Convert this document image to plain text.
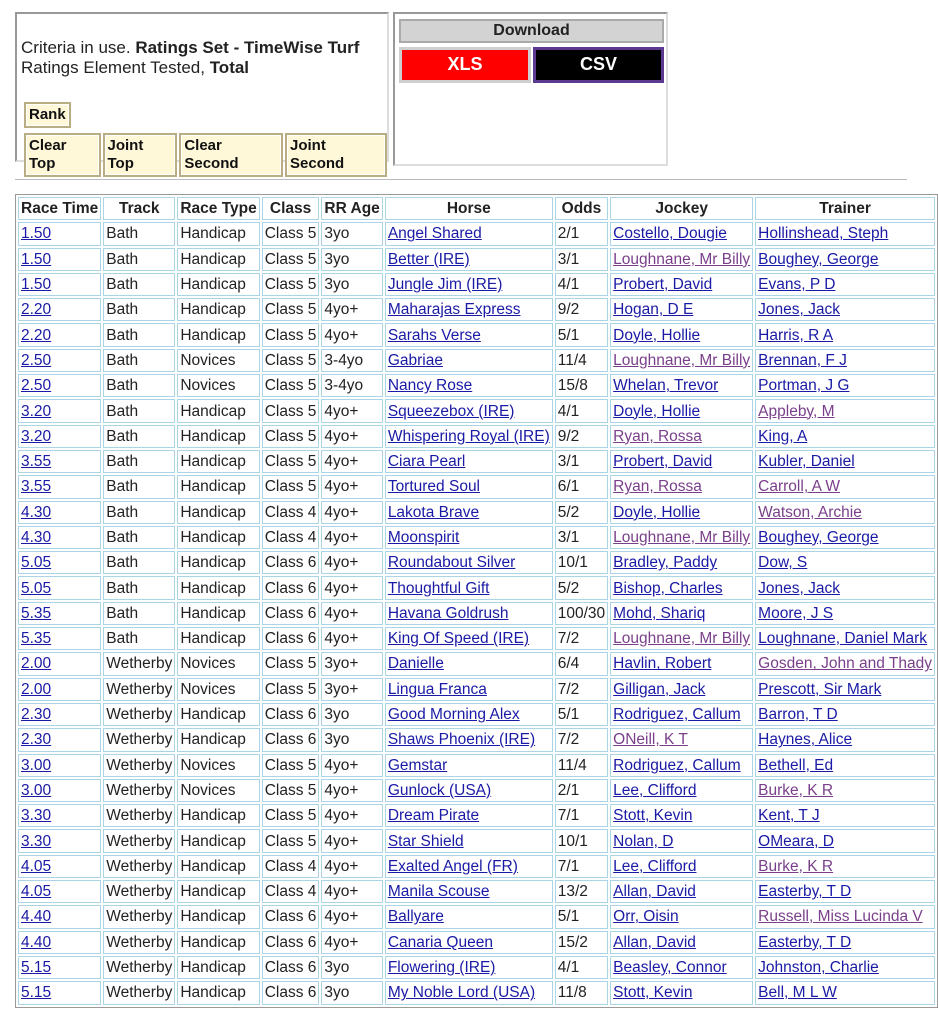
Criteria in use. Ratings Set - TimeWise Turf
Ratings Element Tested, Total
Rank
Clear Top
Joint Top
Clear Second
Joint Second
Download
XLS	CSV
Race Time	Track	Race Type	Class	RR Age	Horse	Odds	Jockey	Trainer
1.50	Bath	Handicap	Class 5	3yo	Angel Shared	2/1	Costello, Dougie	Hollinshead, Steph
1.50	Bath	Handicap	Class 5	3yo	Better (IRE)	3/1	Loughnane, Mr Billy	Boughey, George
1.50	Bath	Handicap	Class 5	3yo	Jungle Jim (IRE)	4/1	Probert, David	Evans, P D
2.20	Bath	Handicap	Class 5	4yo+	Maharajas Express	9/2	Hogan, D E	Jones, Jack
2.20	Bath	Handicap	Class 5	4yo+	Sarahs Verse	5/1	Doyle, Hollie	Harris, R A
2.50	Bath	Novices	Class 5	3-4yo	Gabriae	11/4	Loughnane, Mr Billy	Brennan, F J
2.50	Bath	Novices	Class 5	3-4yo	Nancy Rose	15/8	Whelan, Trevor	Portman, J G
3.20	Bath	Handicap	Class 5	4yo+	Squeezebox (IRE)	4/1	Doyle, Hollie	Appleby, M
3.20	Bath	Handicap	Class 5	4yo+	Whispering Royal (IRE)	9/2	Ryan, Rossa	King, A
3.55	Bath	Handicap	Class 5	4yo+	Ciara Pearl	3/1	Probert, David	Kubler, Daniel
3.55	Bath	Handicap	Class 5	4yo+	Tortured Soul	6/1	Ryan, Rossa	Carroll, A W
4.30	Bath	Handicap	Class 4	4yo+	Lakota Brave	5/2	Doyle, Hollie	Watson, Archie
4.30	Bath	Handicap	Class 4	4yo+	Moonspirit	3/1	Loughnane, Mr Billy	Boughey, George
5.05	Bath	Handicap	Class 6	4yo+	Roundabout Silver	10/1	Bradley, Paddy	Dow, S
5.05	Bath	Handicap	Class 6	4yo+	Thoughtful Gift	5/2	Bishop, Charles	Jones, Jack
5.35	Bath	Handicap	Class 6	4yo+	Havana Goldrush	100/30	Mohd, Shariq	Moore, J S
5.35	Bath	Handicap	Class 6	4yo+	King Of Speed (IRE)	7/2	Loughnane, Mr Billy	Loughnane, Daniel Mark
2.00	Wetherby	Novices	Class 5	3yo+	Danielle	6/4	Havlin, Robert	Gosden, John and Thady
2.00	Wetherby	Novices	Class 5	3yo+	Lingua Franca	7/2	Gilligan, Jack	Prescott, Sir Mark
2.30	Wetherby	Handicap	Class 6	3yo	Good Morning Alex	5/1	Rodriguez, Callum	Barron, T D
2.30	Wetherby	Handicap	Class 6	3yo	Shaws Phoenix (IRE)	7/2	ONeill, K T	Haynes, Alice
3.00	Wetherby	Novices	Class 5	4yo+	Gemstar	11/4	Rodriguez, Callum	Bethell, Ed
3.00	Wetherby	Novices	Class 5	4yo+	Gunlock (USA)	2/1	Lee, Clifford	Burke, K R
3.30	Wetherby	Handicap	Class 5	4yo+	Dream Pirate	7/1	Stott, Kevin	Kent, T J
3.30	Wetherby	Handicap	Class 5	4yo+	Star Shield	10/1	Nolan, D	OMeara, D
4.05	Wetherby	Handicap	Class 4	4yo+	Exalted Angel (FR)	7/1	Lee, Clifford	Burke, K R
4.05	Wetherby	Handicap	Class 4	4yo+	Manila Scouse	13/2	Allan, David	Easterby, T D
4.40	Wetherby	Handicap	Class 6	4yo+	Ballyare	5/1	Orr, Oisin	Russell, Miss Lucinda V
4.40	Wetherby	Handicap	Class 6	4yo+	Canaria Queen	15/2	Allan, David	Easterby, T D
5.15	Wetherby	Handicap	Class 6	3yo	Flowering (IRE)	4/1	Beasley, Connor	Johnston, Charlie
5.15	Wetherby	Handicap	Class 6	3yo	My Noble Lord (USA)	11/8	Stott, Kevin	Bell, M L W
